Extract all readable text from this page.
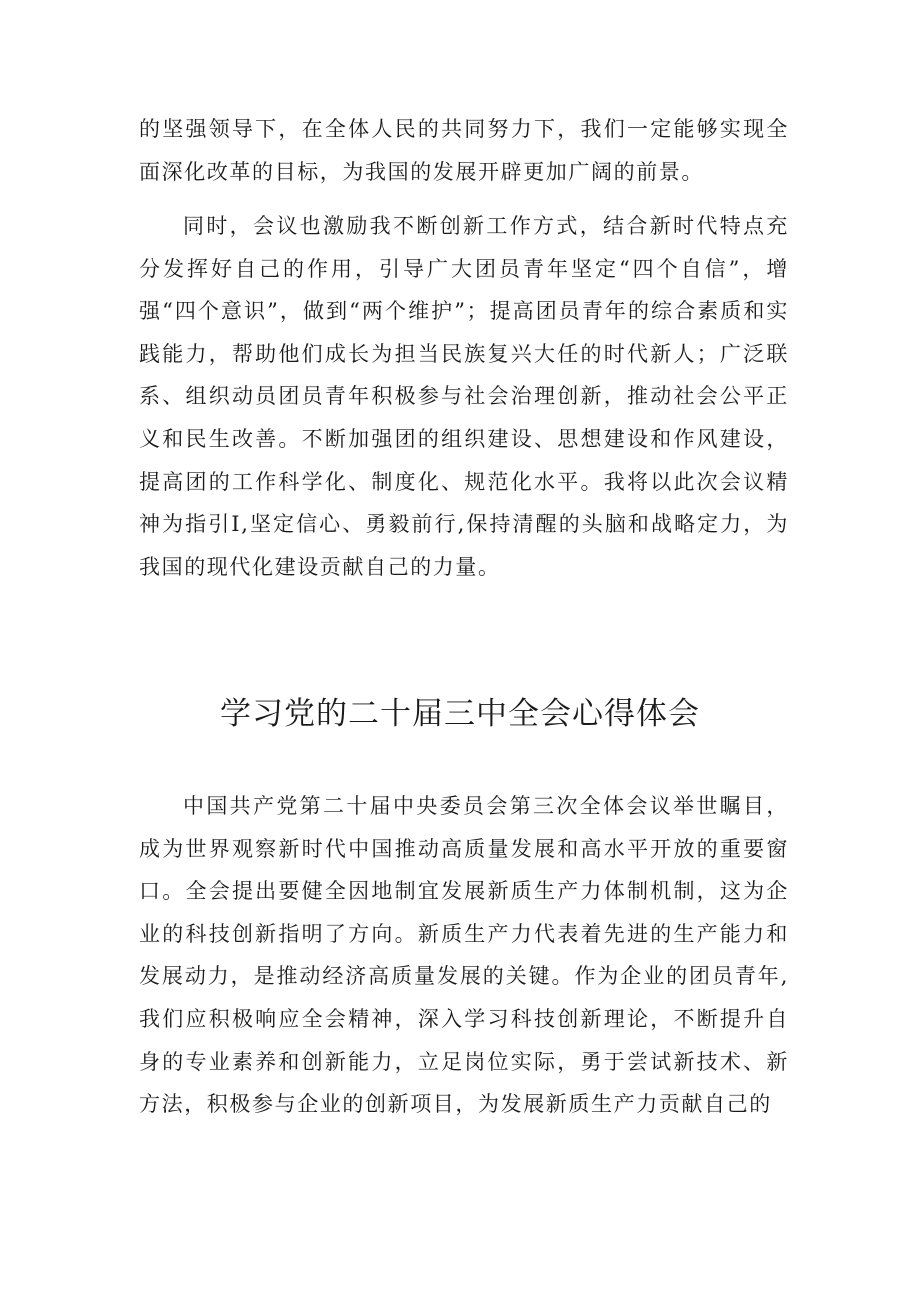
的坚强领导下，在全体人民的共同努力下，我们一定能够实现全面深化改革的目标，为我国的发展开辟更加广阔的前景。

同时，会议也激励我不断创新工作方式，结合新时代特点充分发挥好自己的作用，引导广大团员青年坚定“四个自信”，增强“四个意识”，做到“两个维护”；提高团员青年的综合素质和实践能力，帮助他们成长为担当民族复兴大任的时代新人；广泛联系、组织动员团员青年积极参与社会治理创新，推动社会公平正义和民生改善。不断加强团的组织建设、思想建设和作风建设，提高团的工作科学化、制度化、规范化水平。我将以此次会议精神为指引I,坚定信心、勇毅前行,保持清醒的头脑和战略定力，为我国的现代化建设贡献自己的力量。

学习党的二十届三中全会心得体会

中国共产党第二十届中央委员会第三次全体会议举世瞩目，成为世界观察新时代中国推动高质量发展和高水平开放的重要窗口。全会提出要健全因地制宜发展新质生产力体制机制，这为企业的科技创新指明了方向。新质生产力代表着先进的生产能力和发展动力，是推动经济高质量发展的关键。作为企业的团员青年,我们应积极响应全会精神，深入学习科技创新理论，不断提升自身的专业素养和创新能力，立足岗位实际，勇于尝试新技术、新方法，积极参与企业的创新项目，为发展新质生产力贡献自己的
